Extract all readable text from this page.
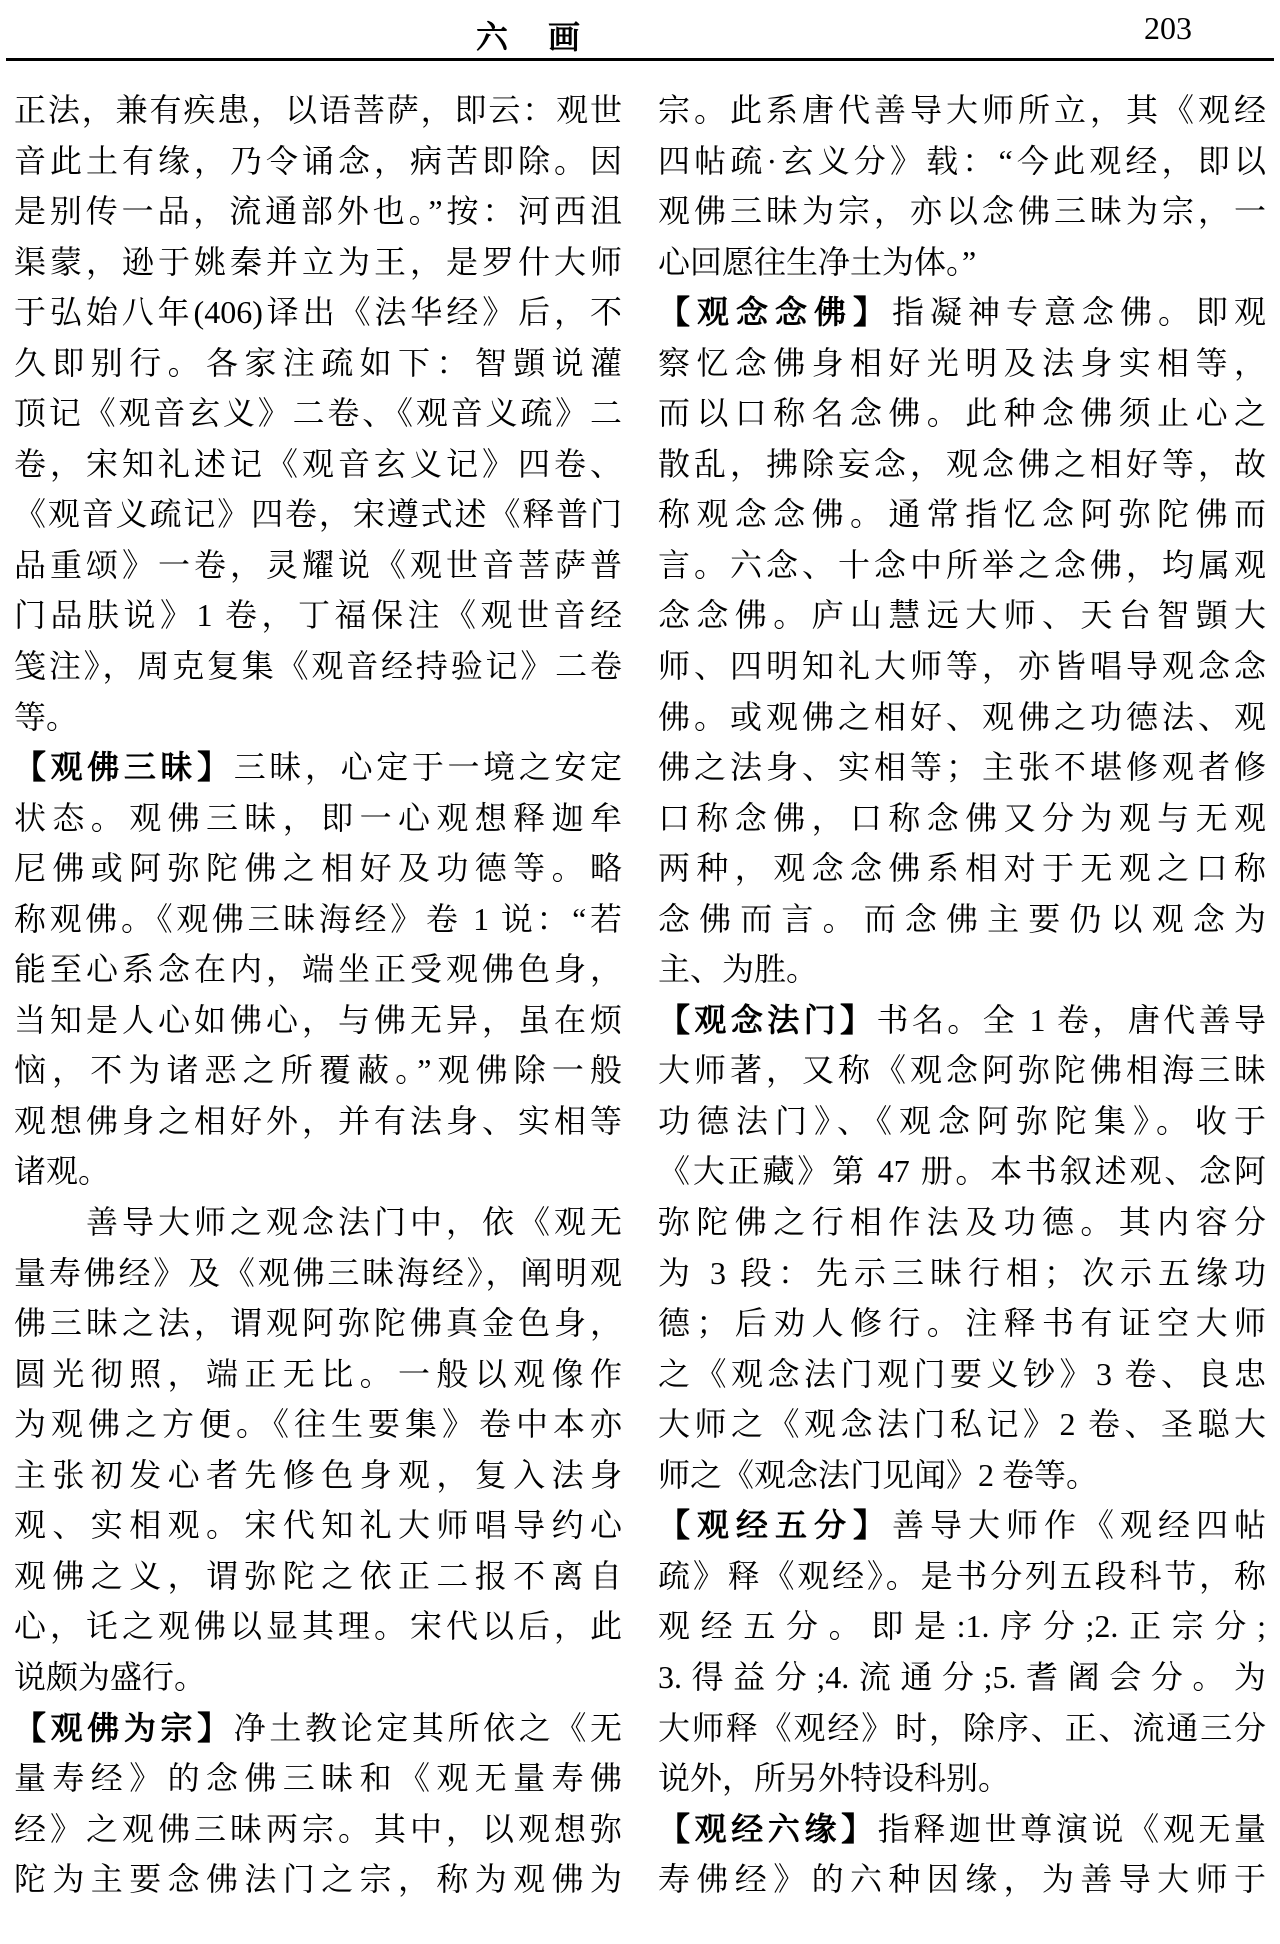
六　画	203
正法，兼有疾患，以语菩萨，即云：观世
音此土有缘，乃令诵念，病苦即除。因
是别传一品，流通部外也。”按：河西沮
渠蒙，逊于姚秦并立为王，是罗什大师
于弘始八年(406)译出《法华经》后，不
久即别行。各家注疏如下：智顗说灌
顶记《观音玄义》二卷、《观音义疏》二
卷，宋知礼述记《观音玄义记》四卷、
《观音义疏记》四卷，宋遵式述《释普门
品重颂》一卷，灵耀说《观世音菩萨普
门品肤说》1 卷，丁福保注《观世音经
笺注》，周克复集《观音经持验记》二卷
等。
【观佛三昧】三昧，心定于一境之安定
状态。观佛三昧，即一心观想释迦牟
尼佛或阿弥陀佛之相好及功德等。略
称观佛。《观佛三昧海经》卷 1 说：“若
能至心系念在内，端坐正受观佛色身，
当知是人心如佛心，与佛无异，虽在烦
恼，不为诸恶之所覆蔽。”观佛除一般
观想佛身之相好外，并有法身、实相等
诸观。
　　善导大师之观念法门中，依《观无
量寿佛经》及《观佛三昧海经》，阐明观
佛三昧之法，谓观阿弥陀佛真金色身，
圆光彻照，端正无比。一般以观像作
为观佛之方便。《往生要集》卷中本亦
主张初发心者先修色身观，复入法身
观、实相观。宋代知礼大师唱导约心
观佛之义，谓弥陀之依正二报不离自
心，讬之观佛以显其理。宋代以后，此
说颇为盛行。
【观佛为宗】净土教论定其所依之《无
量寿经》的念佛三昧和《观无量寿佛
经》之观佛三昧两宗。其中，以观想弥
陀为主要念佛法门之宗，称为观佛为
宗。此系唐代善导大师所立，其《观经
四帖疏·玄义分》载：“今此观经，即以
观佛三昧为宗，亦以念佛三昧为宗，一
心回愿往生净土为体。”
【观念念佛】指凝神专意念佛。即观
察忆念佛身相好光明及法身实相等，
而以口称名念佛。此种念佛须止心之
散乱，拂除妄念，观念佛之相好等，故
称观念念佛。通常指忆念阿弥陀佛而
言。六念、十念中所举之念佛，均属观
念念佛。庐山慧远大师、天台智顗大
师、四明知礼大师等，亦皆唱导观念念
佛。或观佛之相好、观佛之功德法、观
佛之法身、实相等；主张不堪修观者修
口称念佛，口称念佛又分为观与无观
两种，观念念佛系相对于无观之口称
念佛而言。而念佛主要仍以观念为
主、为胜。
【观念法门】书名。全 1 卷，唐代善导
大师著，又称《观念阿弥陀佛相海三昧
功德法门》、《观念阿弥陀集》。收于
《大正藏》第 47 册。本书叙述观、念阿
弥陀佛之行相作法及功德。其内容分
为 3 段：先示三昧行相；次示五缘功
德；后劝人修行。注释书有证空大师
之《观念法门观门要义钞》3 卷、良忠
大师之《观念法门私记》2 卷、圣聪大
师之《观念法门见闻》2 卷等。
【观经五分】善导大师作《观经四帖
疏》释《观经》。是书分列五段科节，称
观经五分。即是:1.序分;2.正宗分;
3.得益分;4.流通分;5.耆阇会分。为
大师释《观经》时，除序、正、流通三分
说外，所另外特设科别。
【观经六缘】指释迦世尊演说《观无量
寿佛经》的六种因缘，为善导大师于
